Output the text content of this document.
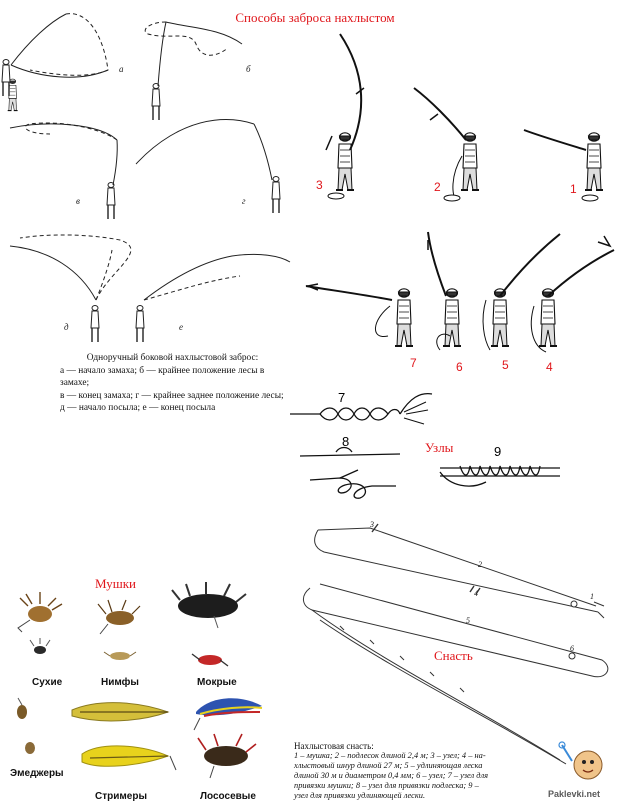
Способы заброса нахлыстом
а	б
в	г
д	е
Одноручный боковой нахлыстовой заброс:
а — начало замаха; б — крайнее положение лесы в замахе;
в — конец замаха; г — крайнее заднее положение лесы;
д — начало посыла; е — конец посыла
3	2	1
7	6	5	4
7
8
9
Узлы
Мушки
Сухие	Нимфы	Мокрые
Эмеджеры
Стримеры	Лососевые
Снасть
1
2
3
4
5
6
Нахлыстовая снасть:
1 – мушка; 2 – подлесок длиной 2,4 м; 3 – узел; 4 – на-
хлыстовый шнур длиной 27 м; 5 – удлиняющая леска
длиной 30 м и диаметром 0,4 мм; 6 – узел; 7 – узел для
привязки мушки; 8 – узел для привязки подлеска; 9 –
узел для привязки удлиняющей лески.	Paklevki.net
